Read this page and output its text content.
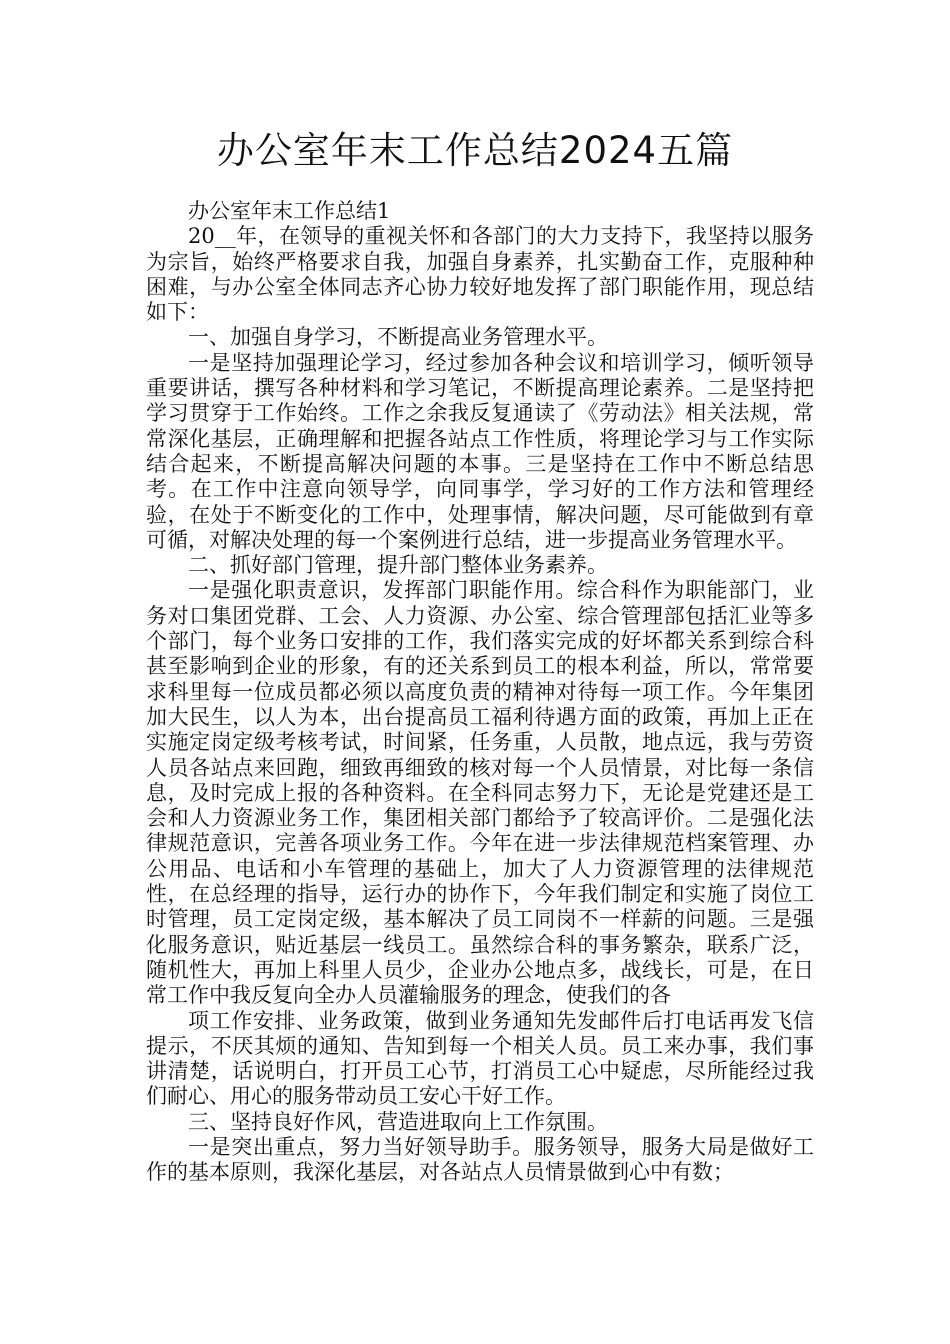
办公室年末工作总结2024五篇

办公室年末工作总结1

20__年，在领导的重视关怀和各部门的大力支持下，我坚持以服务为宗旨，始终严格要求自我，加强自身素养，扎实勤奋工作，克服种种困难，与办公室全体同志齐心协力较好地发挥了部门职能作用，现总结如下：

一、加强自身学习，不断提高业务管理水平。

一是坚持加强理论学习，经过参加各种会议和培训学习，倾听领导重要讲话，撰写各种材料和学习笔记，不断提高理论素养。二是坚持把学习贯穿于工作始终。工作之余我反复通读了《劳动法》相关法规，常常深化基层，正确理解和把握各站点工作性质，将理论学习与工作实际结合起来，不断提高解决问题的本事。三是坚持在工作中不断总结思考。在工作中注意向领导学，向同事学，学习好的工作方法和管理经验，在处于不断变化的工作中，处理事情，解决问题，尽可能做到有章可循，对解决处理的每一个案例进行总结，进一步提高业务管理水平。

二、抓好部门管理，提升部门整体业务素养。

一是强化职责意识，发挥部门职能作用。综合科作为职能部门，业务对口集团党群、工会、人力资源、办公室、综合管理部包括汇业等多个部门，每个业务口安排的工作，我们落实完成的好坏都关系到综合科甚至影响到企业的形象，有的还关系到员工的根本利益，所以，常常要求科里每一位成员都必须以高度负责的精神对待每一项工作。今年集团加大民生，以人为本，出台提高员工福利待遇方面的政策，再加上正在实施定岗定级考核考试，时间紧，任务重，人员散，地点远，我与劳资人员各站点来回跑，细致再细致的核对每一个人员情景，对比每一条信息，及时完成上报的各种资料。在全科同志努力下，无论是党建还是工会和人力资源业务工作，集团相关部门都给予了较高评价。二是强化法律规范意识，完善各项业务工作。今年在进一步法律规范档案管理、办公用品、电话和小车管理的基础上，加大了人力资源管理的法律规范性，在总经理的指导，运行办的协作下，今年我们制定和实施了岗位工时管理，员工定岗定级，基本解决了员工同岗不一样薪的问题。三是强化服务意识，贴近基层一线员工。虽然综合科的事务繁杂，联系广泛，随机性大，再加上科里人员少，企业办公地点多，战线长，可是，在日常工作中我反复向全办人员灌输服务的理念，使我们的各

项工作安排、业务政策，做到业务通知先发邮件后打电话再发飞信提示，不厌其烦的通知、告知到每一个相关人员。员工来办事，我们事讲清楚，话说明白，打开员工心节，打消员工心中疑虑，尽所能经过我们耐心、用心的服务带动员工安心干好工作。

三、坚持良好作风，营造进取向上工作氛围。

一是突出重点，努力当好领导助手。服务领导，服务大局是做好工作的基本原则，我深化基层，对各站点人员情景做到心中有数；
